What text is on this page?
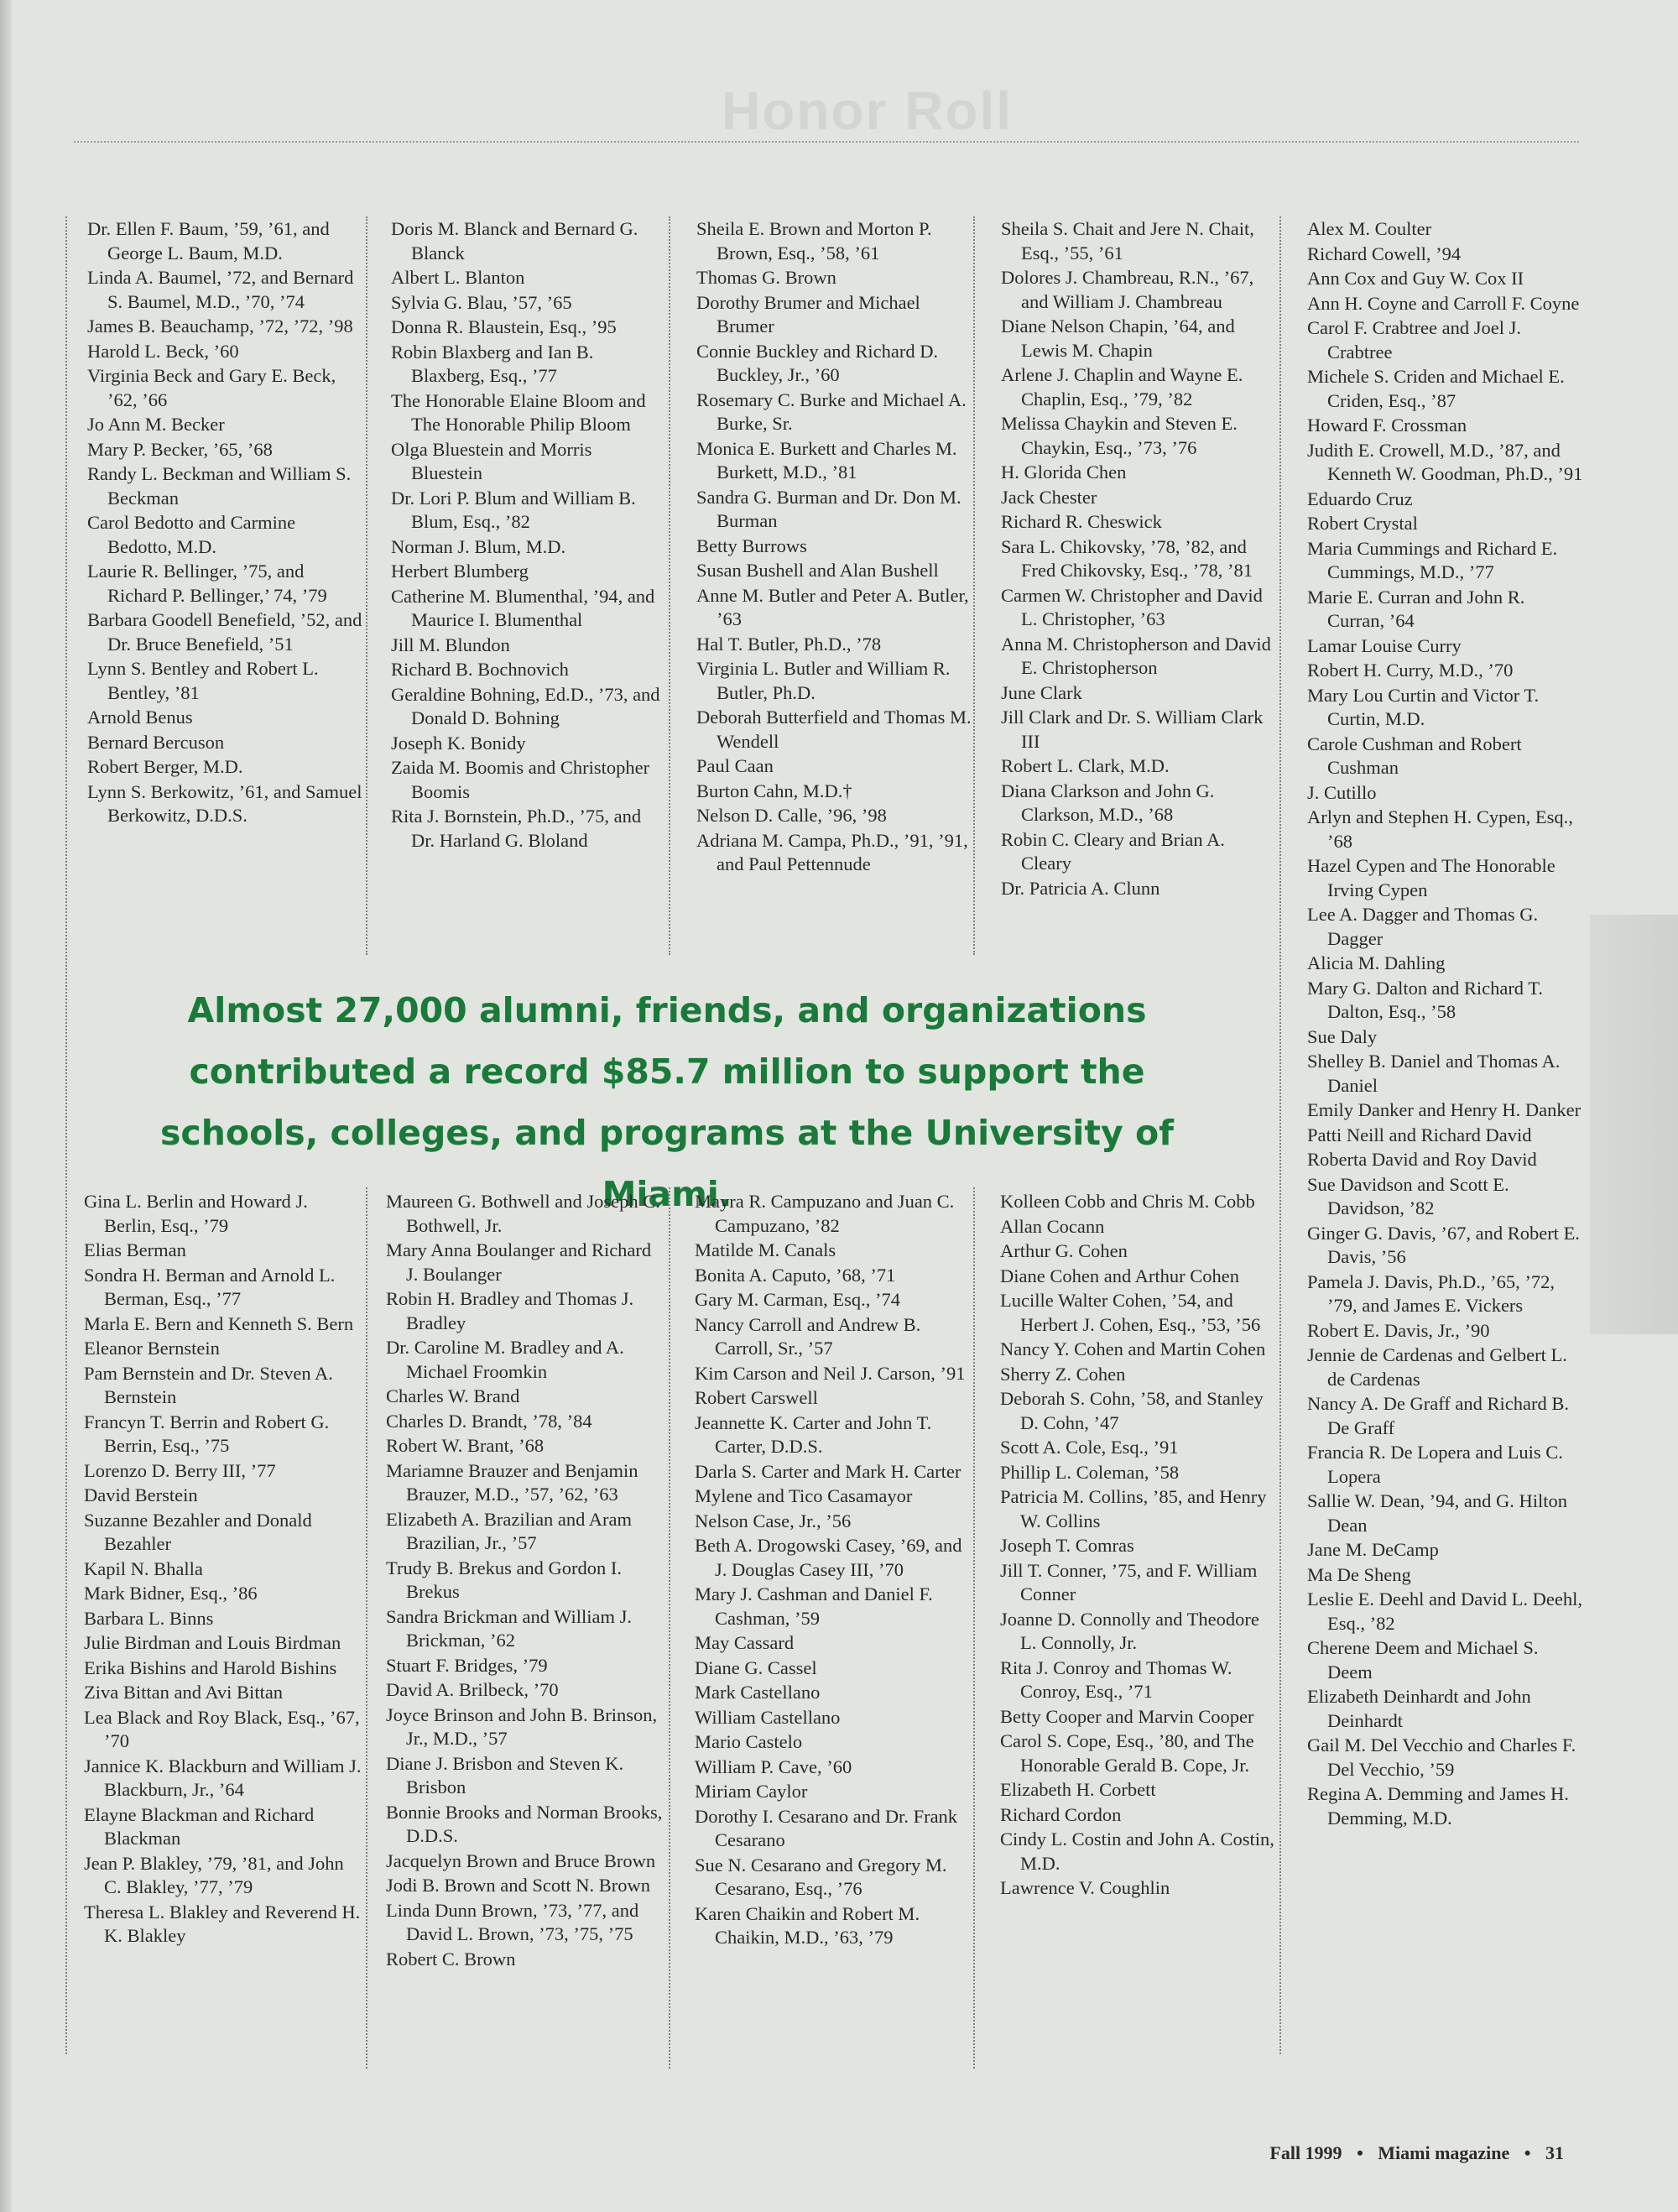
Honor Roll
Dr. Ellen F. Baum, ’59, ’61, and George L. Baum, M.D.
Linda A. Baumel, ’72, and Bernard S. Baumel, M.D., ’70, ’74
James B. Beauchamp, ’72, ’72, ’98
Harold L. Beck, ’60
Virginia Beck and Gary E. Beck, ’62, ’66
Jo Ann M. Becker
Mary P. Becker, ’65, ’68
Randy L. Beckman and William S. Beckman
Carol Bedotto and Carmine Bedotto, M.D.
Laurie R. Bellinger, ’75, and Richard P. Bellinger,’ 74, ’79
Barbara Goodell Benefield, ’52, and Dr. Bruce Benefield, ’51
Lynn S. Bentley and Robert L. Bentley, ’81
Arnold Benus
Bernard Bercuson
Robert Berger, M.D.
Lynn S. Berkowitz, ’61, and Samuel Berkowitz, D.D.S.
Doris M. Blanck and Bernard G. Blanck
Albert L. Blanton
Sylvia G. Blau, ’57, ’65
Donna R. Blaustein, Esq., ’95
Robin Blaxberg and Ian B. Blaxberg, Esq., ’77
The Honorable Elaine Bloom and The Honorable Philip Bloom
Olga Bluestein and Morris Bluestein
Dr. Lori P. Blum and William B. Blum, Esq., ’82
Norman J. Blum, M.D.
Herbert Blumberg
Catherine M. Blumenthal, ’94, and Maurice I. Blumenthal
Jill M. Blundon
Richard B. Bochnovich
Geraldine Bohning, Ed.D., ’73, and Donald D. Bohning
Joseph K. Bonidy
Zaida M. Boomis and Christopher Boomis
Rita J. Bornstein, Ph.D., ’75, and Dr. Harland G. Bloland
Sheila E. Brown and Morton P. Brown, Esq., ’58, ’61
Thomas G. Brown
Dorothy Brumer and Michael Brumer
Connie Buckley and Richard D. Buckley, Jr., ’60
Rosemary C. Burke and Michael A. Burke, Sr.
Monica E. Burkett and Charles M. Burkett, M.D., ’81
Sandra G. Burman and Dr. Don M. Burman
Betty Burrows
Susan Bushell and Alan Bushell
Anne M. Butler and Peter A. Butler, ’63
Hal T. Butler, Ph.D., ’78
Virginia L. Butler and William R. Butler, Ph.D.
Deborah Butterfield and Thomas M. Wendell
Paul Caan
Burton Cahn, M.D.†
Nelson D. Calle, ’96, ’98
Adriana M. Campa, Ph.D., ’91, ’91, and Paul Pettennude
Sheila S. Chait and Jere N. Chait, Esq., ’55, ’61
Dolores J. Chambreau, R.N., ’67, and William J. Chambreau
Diane Nelson Chapin, ’64, and Lewis M. Chapin
Arlene J. Chaplin and Wayne E. Chaplin, Esq., ’79, ’82
Melissa Chaykin and Steven E. Chaykin, Esq., ’73, ’76
H. Glorida Chen
Jack Chester
Richard R. Cheswick
Sara L. Chikovsky, ’78, ’82, and Fred Chikovsky, Esq., ’78, ’81
Carmen W. Christopher and David L. Christopher, ’63
Anna M. Christopherson and David E. Christopherson
June Clark
Jill Clark and Dr. S. William Clark III
Robert L. Clark, M.D.
Diana Clarkson and John G. Clarkson, M.D., ’68
Robin C. Cleary and Brian A. Cleary
Dr. Patricia A. Clunn
Alex M. Coulter
Richard Cowell, ’94
Ann Cox and Guy W. Cox II
Ann H. Coyne and Carroll F. Coyne
Carol F. Crabtree and Joel J. Crabtree
Michele S. Criden and Michael E. Criden, Esq., ’87
Howard F. Crossman
Judith E. Crowell, M.D., ’87, and Kenneth W. Goodman, Ph.D., ’91
Eduardo Cruz
Robert Crystal
Maria Cummings and Richard E. Cummings, M.D., ’77
Marie E. Curran and John R. Curran, ’64
Lamar Louise Curry
Robert H. Curry, M.D., ’70
Mary Lou Curtin and Victor T. Curtin, M.D.
Carole Cushman and Robert Cushman
J. Cutillo
Arlyn and Stephen H. Cypen, Esq., ’68
Hazel Cypen and The Honorable Irving Cypen
Lee A. Dagger and Thomas G. Dagger
Alicia M. Dahling
Mary G. Dalton and Richard T. Dalton, Esq., ’58
Sue Daly
Shelley B. Daniel and Thomas A. Daniel
Emily Danker and Henry H. Danker
Patti Neill and Richard David
Roberta David and Roy David
Sue Davidson and Scott E. Davidson, ’82
Ginger G. Davis, ’67, and Robert E. Davis, ’56
Pamela J. Davis, Ph.D., ’65, ’72, ’79, and James E. Vickers
Robert E. Davis, Jr., ’90
Jennie de Cardenas and Gelbert L. de Cardenas
Nancy A. De Graff and Richard B. De Graff
Francia R. De Lopera and Luis C. Lopera
Sallie W. Dean, ’94, and G. Hilton Dean
Jane M. DeCamp
Ma De Sheng
Leslie E. Deehl and David L. Deehl, Esq., ’82
Cherene Deem and Michael S. Deem
Elizabeth Deinhardt and John Deinhardt
Gail M. Del Vecchio and Charles F. Del Vecchio, ’59
Regina A. Demming and James H. Demming, M.D.
Almost 27,000 alumni, friends, and organizations contributed a record $85.7 million to support the schools, colleges, and programs at the University of Miami.
Gina L. Berlin and Howard J. Berlin, Esq., ’79
Elias Berman
Sondra H. Berman and Arnold L. Berman, Esq., ’77
Marla E. Bern and Kenneth S. Bern
Eleanor Bernstein
Pam Bernstein and Dr. Steven A. Bernstein
Francyn T. Berrin and Robert G. Berrin, Esq., ’75
Lorenzo D. Berry III, ’77
David Berstein
Suzanne Bezahler and Donald Bezahler
Kapil N. Bhalla
Mark Bidner, Esq., ’86
Barbara L. Binns
Julie Birdman and Louis Birdman
Erika Bishins and Harold Bishins
Ziva Bittan and Avi Bittan
Lea Black and Roy Black, Esq., ’67, ’70
Jannice K. Blackburn and William J. Blackburn, Jr., ’64
Elayne Blackman and Richard Blackman
Jean P. Blakley, ’79, ’81, and John C. Blakley, ’77, ’79
Theresa L. Blakley and Reverend H. K. Blakley
Maureen G. Bothwell and Joseph C. Bothwell, Jr.
Mary Anna Boulanger and Richard J. Boulanger
Robin H. Bradley and Thomas J. Bradley
Dr. Caroline M. Bradley and A. Michael Froomkin
Charles W. Brand
Charles D. Brandt, ’78, ’84
Robert W. Brant, ’68
Mariamne Brauzer and Benjamin Brauzer, M.D., ’57, ’62, ’63
Elizabeth A. Brazilian and Aram Brazilian, Jr., ’57
Trudy B. Brekus and Gordon I. Brekus
Sandra Brickman and William J. Brickman, ’62
Stuart F. Bridges, ’79
David A. Brilbeck, ’70
Joyce Brinson and John B. Brinson, Jr., M.D., ’57
Diane J. Brisbon and Steven K. Brisbon
Bonnie Brooks and Norman Brooks, D.D.S.
Jacquelyn Brown and Bruce Brown
Jodi B. Brown and Scott N. Brown
Linda Dunn Brown, ’73, ’77, and David L. Brown, ’73, ’75, ’75
Robert C. Brown
Mayra R. Campuzano and Juan C. Campuzano, ’82
Matilde M. Canals
Bonita A. Caputo, ’68, ’71
Gary M. Carman, Esq., ’74
Nancy Carroll and Andrew B. Carroll, Sr., ’57
Kim Carson and Neil J. Carson, ’91
Robert Carswell
Jeannette K. Carter and John T. Carter, D.D.S.
Darla S. Carter and Mark H. Carter
Mylene and Tico Casamayor
Nelson Case, Jr., ’56
Beth A. Drogowski Casey, ’69, and J. Douglas Casey III, ’70
Mary J. Cashman and Daniel F. Cashman, ’59
May Cassard
Diane G. Cassel
Mark Castellano
William Castellano
Mario Castelo
William P. Cave, ’60
Miriam Caylor
Dorothy I. Cesarano and Dr. Frank Cesarano
Sue N. Cesarano and Gregory M. Cesarano, Esq., ’76
Karen Chaikin and Robert M. Chaikin, M.D., ’63, ’79
Kolleen Cobb and Chris M. Cobb
Allan Cocann
Arthur G. Cohen
Diane Cohen and Arthur Cohen
Lucille Walter Cohen, ’54, and Herbert J. Cohen, Esq., ’53, ’56
Nancy Y. Cohen and Martin Cohen
Sherry Z. Cohen
Deborah S. Cohn, ’58, and Stanley D. Cohn, ’47
Scott A. Cole, Esq., ’91
Phillip L. Coleman, ’58
Patricia M. Collins, ’85, and Henry W. Collins
Joseph T. Comras
Jill T. Conner, ’75, and F. William Conner
Joanne D. Connolly and Theodore L. Connolly, Jr.
Rita J. Conroy and Thomas W. Conroy, Esq., ’71
Betty Cooper and Marvin Cooper
Carol S. Cope, Esq., ’80, and The Honorable Gerald B. Cope, Jr.
Elizabeth H. Corbett
Richard Cordon
Cindy L. Costin and John A. Costin, M.D.
Lawrence V. Coughlin
Fall 1999 • Miami magazine • 31
